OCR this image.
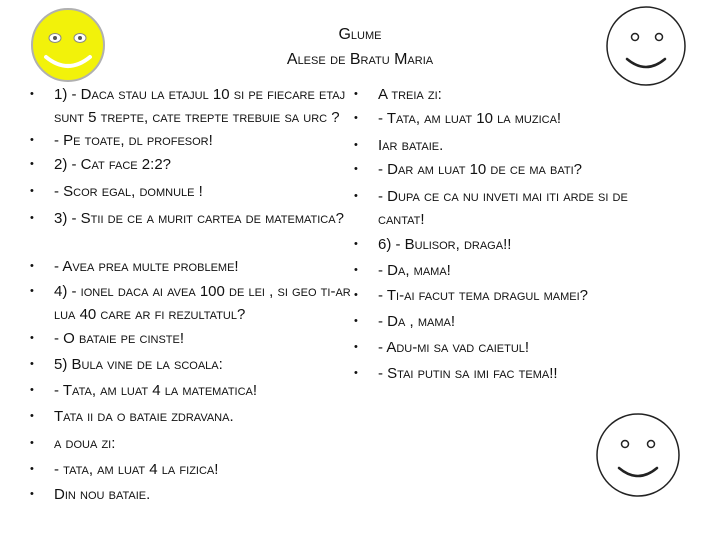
Glume
Alese de Bratu Maria
• 1) - Daca stau la etajul 10 si pe fiecare etaj sunt 5 trepte, cate trepte trebuie sa urc ?
• - Pe toate, dl profesor!
• 2) - Cat face 2:2?
• - Scor egal, domnule !
• 3) - Stii de ce a murit cartea de matematica?
• - Avea prea multe probleme!
• 4) - ionel daca ai avea 100 de lei , si geo ti-ar lua 40 care ar fi rezultatul?
• - O bataie pe cinste!
• 5) Bula vine de la scoala:
• - Tata, am luat 4 la matematica!
• Tata ii da o bataie zdravana.
• a doua zi:
• - tata, am luat 4 la fizica!
• Din nou bataie.
• A treia zi:
• - Tata, am luat 10 la muzica!
• Iar bataie.
• - Dar am luat 10 de ce ma bati?
• - Dupa ce ca nu inveti mai iti arde si de cantat!
• 6) - Bulisor, draga!!
• - Da, mama!
• - Ti-ai facut tema dragul mamei?
• - Da , mama!
• - Adu-mi sa vad caietul!
• - Stai putin sa imi fac tema!!
